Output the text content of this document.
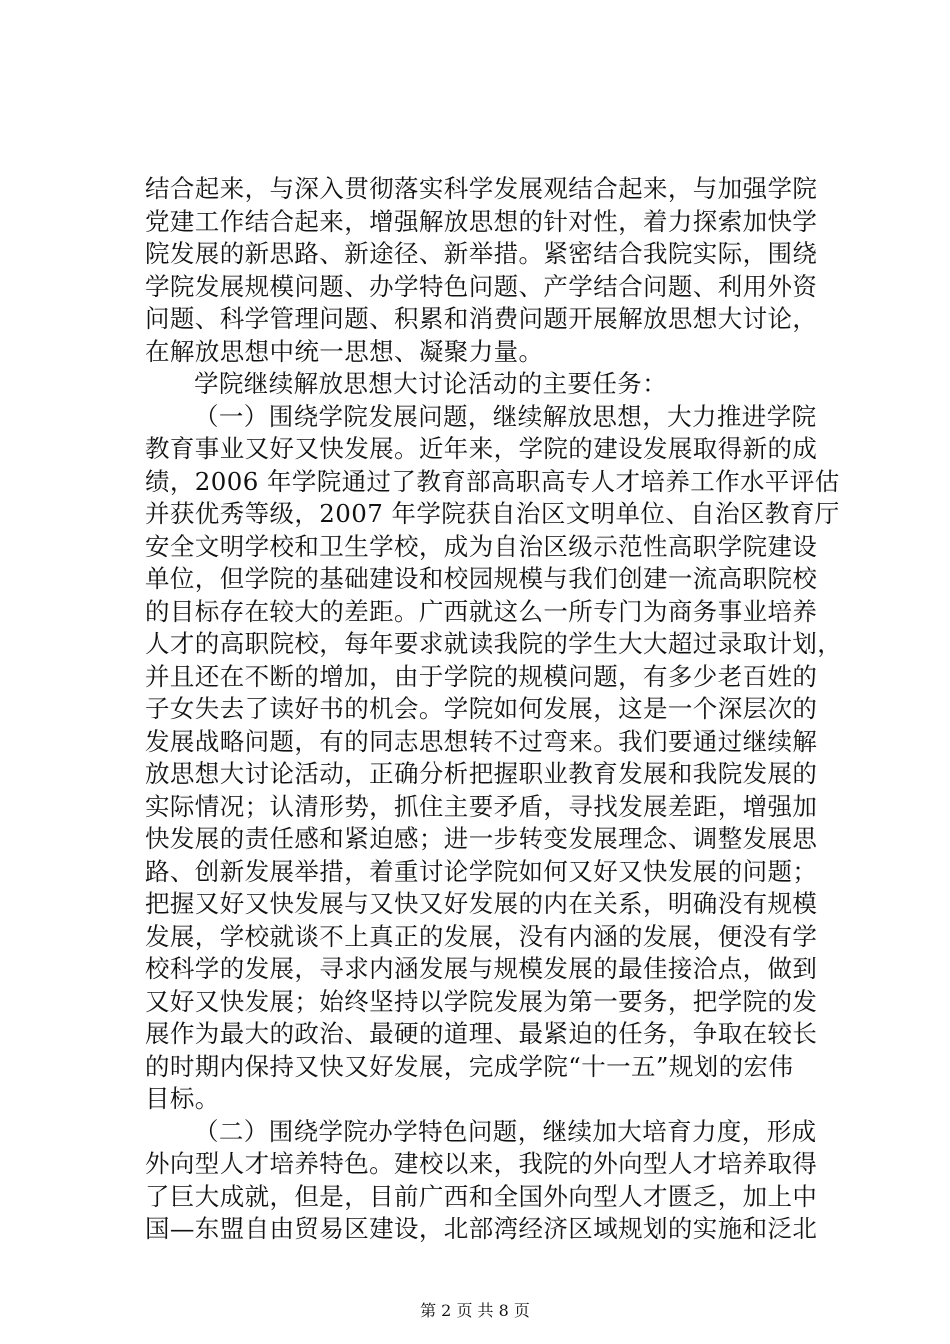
结合起来，与深入贯彻落实科学发展观结合起来，与加强学院
党建工作结合起来，增强解放思想的针对性，着力探索加快学
院发展的新思路、新途径、新举措。紧密结合我院实际，围绕
学院发展规模问题、办学特色问题、产学结合问题、利用外资
问题、科学管理问题、积累和消费问题开展解放思想大讨论，
在解放思想中统一思想、凝聚力量。
学院继续解放思想大讨论活动的主要任务：
（一）围绕学院发展问题，继续解放思想，大力推进学院
教育事业又好又快发展。近年来，学院的建设发展取得新的成
绩，2006 年学院通过了教育部高职高专人才培养工作水平评估
并获优秀等级，2007 年学院获自治区文明单位、自治区教育厅
安全文明学校和卫生学校，成为自治区级示范性高职学院建设
单位，但学院的基础建设和校园规模与我们创建一流高职院校
的目标存在较大的差距。广西就这么一所专门为商务事业培养
人才的高职院校，每年要求就读我院的学生大大超过录取计划，
并且还在不断的增加，由于学院的规模问题，有多少老百姓的
子女失去了读好书的机会。学院如何发展，这是一个深层次的
发展战略问题，有的同志思想转不过弯来。我们要通过继续解
放思想大讨论活动，正确分析把握职业教育发展和我院发展的
实际情况；认清形势，抓住主要矛盾，寻找发展差距，增强加
快发展的责任感和紧迫感；进一步转变发展理念、调整发展思
路、创新发展举措，着重讨论学院如何又好又快发展的问题；
把握又好又快发展与又快又好发展的内在关系，明确没有规模
发展，学校就谈不上真正的发展，没有内涵的发展，便没有学
校科学的发展，寻求内涵发展与规模发展的最佳接洽点，做到
又好又快发展；始终坚持以学院发展为第一要务，把学院的发
展作为最大的政治、最硬的道理、最紧迫的任务，争取在较长
的时期内保持又快又好发展，完成学院“十一五”规划的宏伟
目标。
（二）围绕学院办学特色问题，继续加大培育力度，形成
外向型人才培养特色。建校以来，我院的外向型人才培养取得
了巨大成就，但是，目前广西和全国外向型人才匮乏，加上中
国—东盟自由贸易区建设，北部湾经济区域规划的实施和泛北
第 2 页 共 8 页
